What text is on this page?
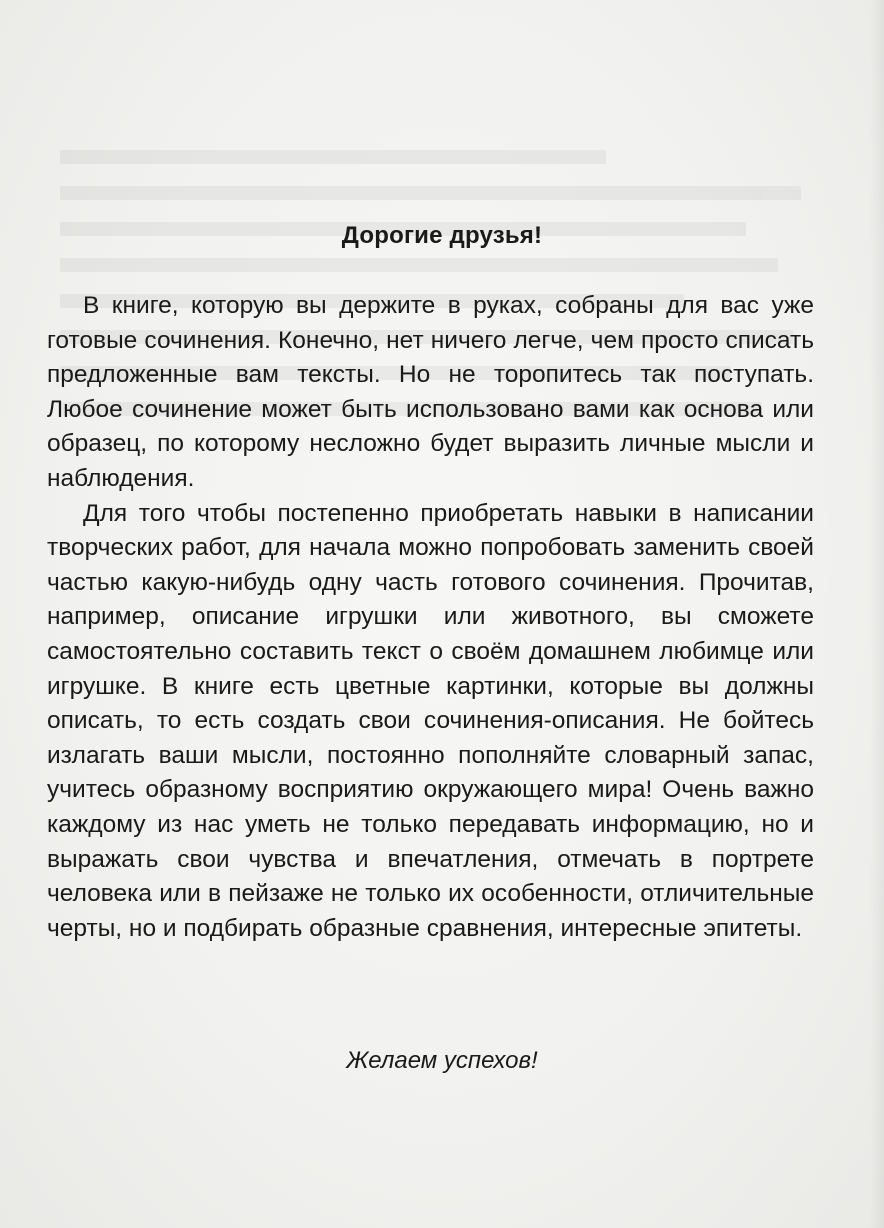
Дорогие друзья!

В книге, которую вы держите в руках, собраны для вас уже готовые сочинения. Конечно, нет ничего легче, чем просто списать предложенные вам тексты. Но не торопитесь так поступать. Любое сочинение может быть использовано вами как основа или образец, по которому несложно будет выразить личные мысли и наблюдения.

Для того чтобы постепенно приобретать навыки в написании творческих работ, для начала можно попробовать заменить своей частью какую-нибудь одну часть готового сочинения. Прочитав, например, описание игрушки или животного, вы сможете самостоятельно составить текст о своём домашнем любимце или игрушке. В книге есть цветные картинки, которые вы должны описать, то есть создать свои сочинения-описания. Не бойтесь излагать ваши мысли, постоянно пополняйте словарный запас, учитесь образному восприятию окружающего мира! Очень важно каждому из нас уметь не только передавать информацию, но и выражать свои чувства и впечатления, отмечать в портрете человека или в пейзаже не только их особенности, отличительные черты, но и подбирать образные сравнения, интересные эпитеты.

Желаем успехов!
